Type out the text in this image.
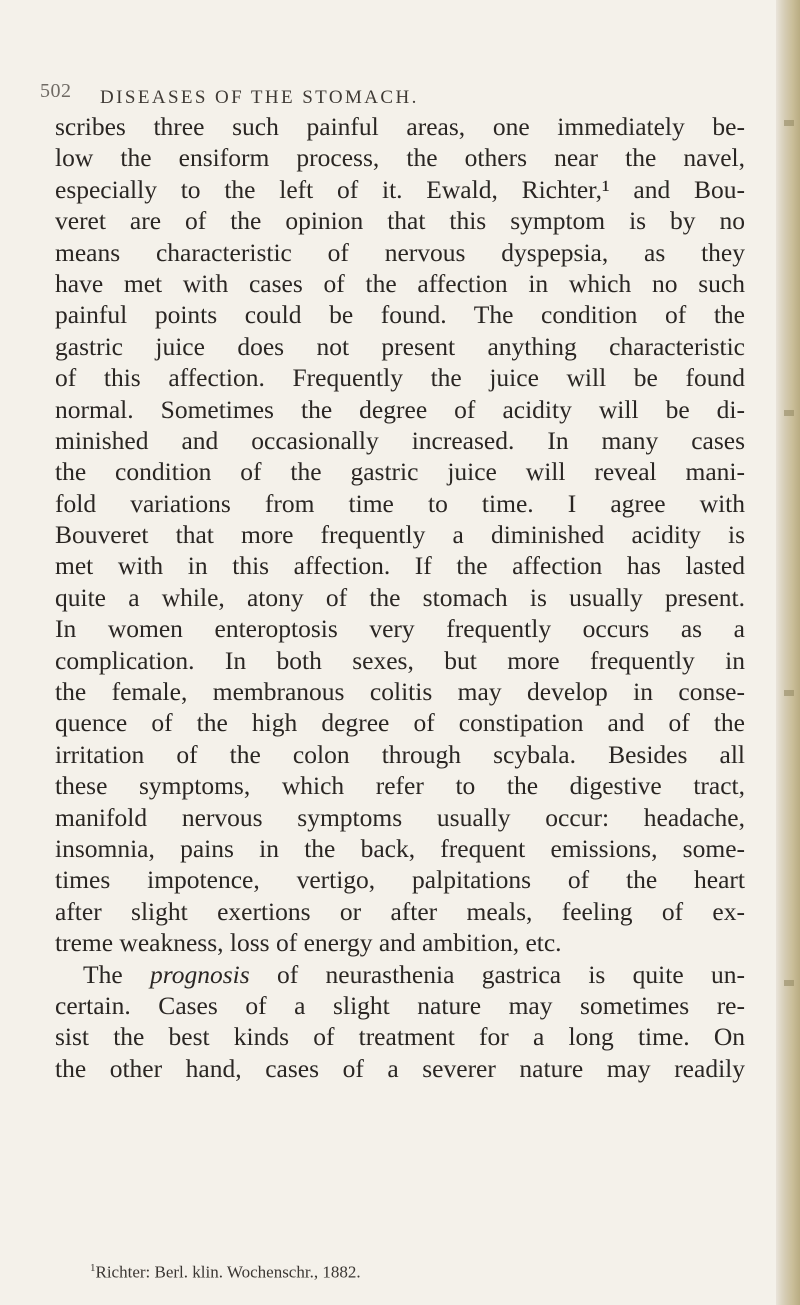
502 DISEASES OF THE STOMACH.
scribes three such painful areas, one immediately be-
low the ensiform process, the others near the navel,
especially to the left of it. Ewald, Richter,¹ and Bou-
veret are of the opinion that this symptom is by no
means characteristic of nervous dyspepsia, as they
have met with cases of the affection in which no such
painful points could be found. The condition of the
gastric juice does not present anything characteristic
of this affection. Frequently the juice will be found
normal. Sometimes the degree of acidity will be di-
minished and occasionally increased. In many cases
the condition of the gastric juice will reveal mani-
fold variations from time to time. I agree with
Bouveret that more frequently a diminished acidity is
met with in this affection. If the affection has lasted
quite a while, atony of the stomach is usually present.
In women enteroptosis very frequently occurs as a
complication. In both sexes, but more frequently in
the female, membranous colitis may develop in conse-
quence of the high degree of constipation and of the
irritation of the colon through scybala. Besides all
these symptoms, which refer to the digestive tract,
manifold nervous symptoms usually occur: headache,
insomnia, pains in the back, frequent emissions, some-
times impotence, vertigo, palpitations of the heart
after slight exertions or after meals, feeling of ex-
treme weakness, loss of energy and ambition, etc.
The prognosis of neurasthenia gastrica is quite un-
certain. Cases of a slight nature may sometimes re-
sist the best kinds of treatment for a long time. On
the other hand, cases of a severer nature may readily
$^1$Richter: Berl. klin. Wochenschr., 1882.
